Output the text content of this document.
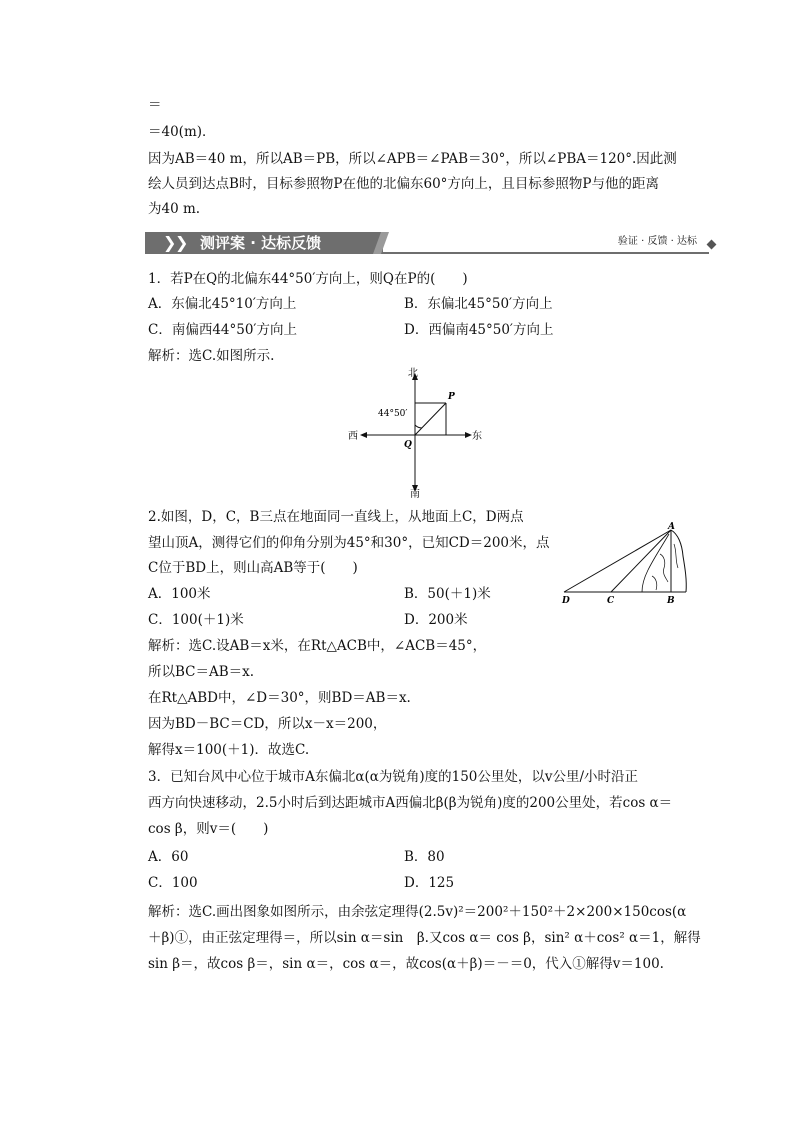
＝
＝40(m)．
因为AB＝40 m，所以AB＝PB，所以∠APB＝∠PAB＝30°，所以∠PBA＝120°.因此测
绘人员到达点B时，目标参照物P在他的北偏东60°方向上，且目标参照物P与他的距离
为40 m.
❯
❯ 测评案 · 达标反馈	验证 · 反馈 · 达标
1．若P在Q的北偏东44°50′方向上，则Q在P的(　　)
A．东偏北45°10′方向上	B．东偏北45°50′方向上
C．南偏西44°50′方向上	D．西偏南45°50′方向上
解析：选C.如图所示.
北
南
东
西
P
Q
44°50′
2.如图，D，C，B三点在地面同一直线上，从地面上C，D两点
望山顶A，测得它们的仰角分别为45°和30°，已知CD＝200米，点
C位于BD上，则山高AB等于(　　)
A．100米	B．50(＋1)米
C．100(＋1)米	D．200米
解析：选C.设AB＝x米，在Rt△ACB中，∠ACB＝45°，
所以BC＝AB＝x.
在Rt△ABD中，∠D＝30°，则BD＝AB＝x.
因为BD－BC＝CD，所以x－x＝200，
解得x＝100(＋1)．故选C.
A
B
C
D
3．已知台风中心位于城市A东偏北α(α为锐角)度的150公里处，以v公里/小时沿正
西方向快速移动，2.5小时后到达距城市A西偏北β(β为锐角)度的200公里处，若cos α＝
cos β，则v＝(　　)
A．60	B．80
C．100	D．125
解析：选C.画出图象如图所示，由余弦定理得(2.5v)²＝200²＋150²＋2×200×150cos(α
＋β)①，由正弦定理得＝，所以sin α＝sin　β.又cos α＝ cos β，sin² α＋cos² α＝1，解得
sin β＝，故cos β＝，sin α＝，cos α＝，故cos(α＋β)＝－＝0，代入①解得v＝100.
